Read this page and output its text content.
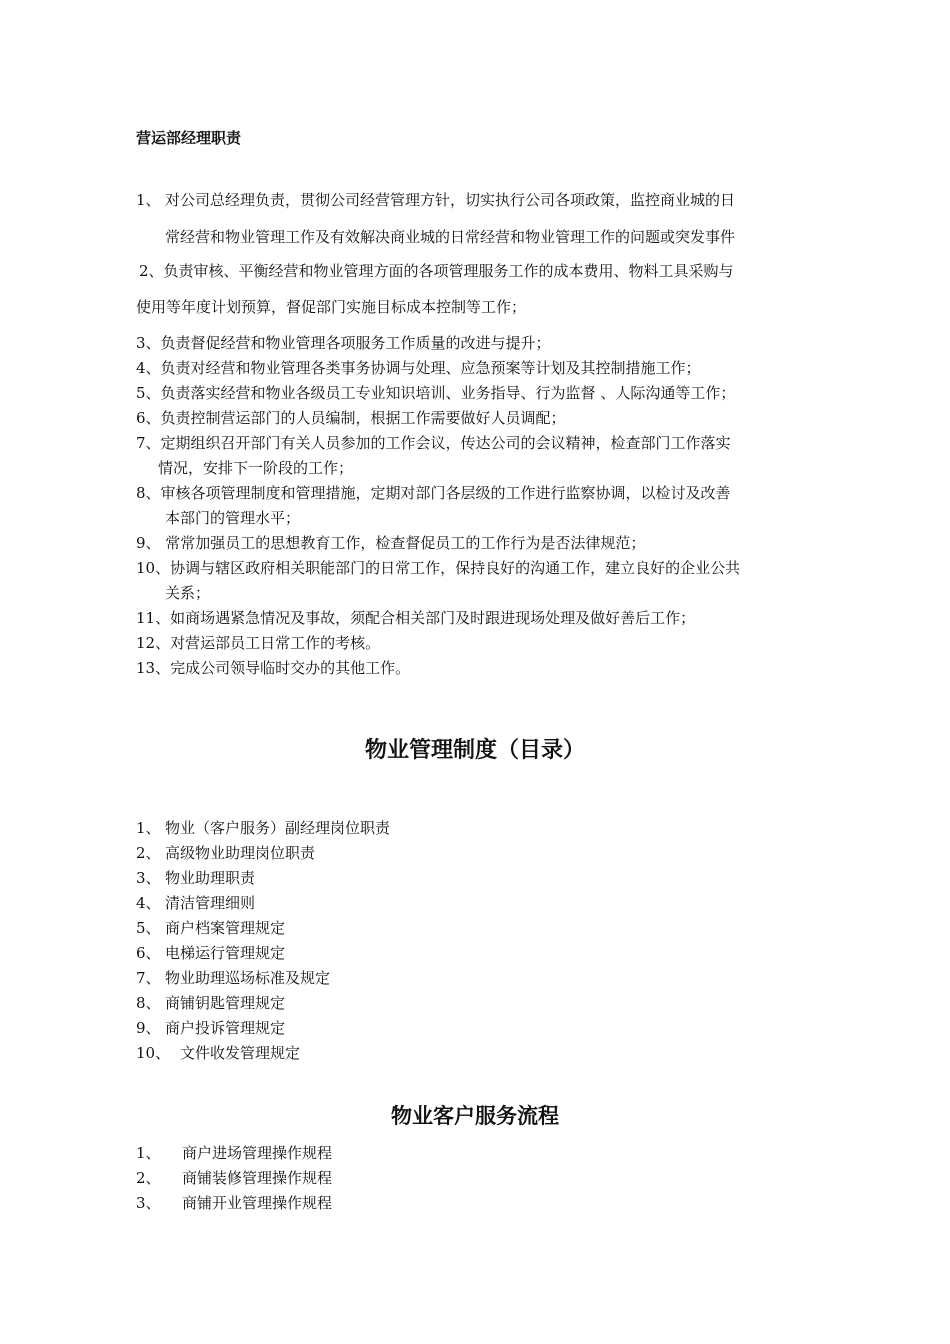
营运部经理职责
1、 对公司总经理负责，贯彻公司经营管理方针，切实执行公司各项政策，监控商业城的日
常经营和物业管理工作及有效解决商业城的日常经营和物业管理工作的问题或突发事件
2、负责审核、平衡经营和物业管理方面的各项管理服务工作的成本费用、物料工具采购与
使用等年度计划预算，督促部门实施目标成本控制等工作；
3、负责督促经营和物业管理各项服务工作质量的改进与提升；
4、负责对经营和物业管理各类事务协调与处理、应急预案等计划及其控制措施工作；
5、负责落实经营和物业各级员工专业知识培训、业务指导、行为监督 、人际沟通等工作；
6、负责控制营运部门的人员编制，根据工作需要做好人员调配；
7、定期组织召开部门有关人员参加的工作会议，传达公司的会议精神，检查部门工作落实
情况，安排下一阶段的工作；
8、审核各项管理制度和管理措施，定期对部门各层级的工作进行监察协调，以检讨及改善
本部门的管理水平；
9、 常常加强员工的思想教育工作，检查督促员工的工作行为是否法律规范；
10、协调与辖区政府相关职能部门的日常工作，保持良好的沟通工作，建立良好的企业公共
关系；
11、如商场遇紧急情况及事故，须配合相关部门及时跟进现场处理及做好善后工作；
12、对营运部员工日常工作的考核。
13、完成公司领导临时交办的其他工作。
物业管理制度（目录）
1、 物业（客户服务）副经理岗位职责
2、 高级物业助理岗位职责
3、 物业助理职责
4、 清洁管理细则
5、 商户档案管理规定
6、 电梯运行管理规定
7、 物业助理巡场标准及规定
8、 商铺钥匙管理规定
9、 商户投诉管理规定
10、 文件收发管理规定
物业客户服务流程
1、 商户进场管理操作规程
2、 商铺装修管理操作规程
3、 商铺开业管理操作规程
